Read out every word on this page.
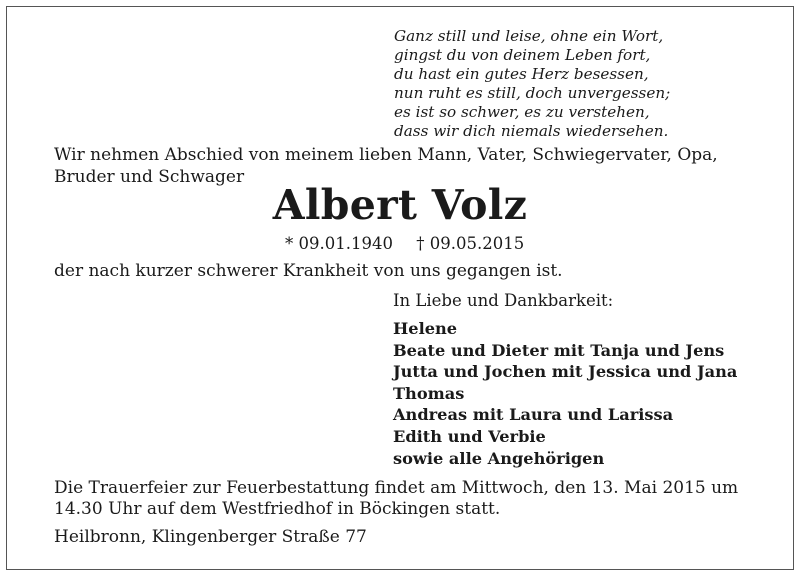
Ganz still und leise, ohne ein Wort,
gingst du von deinem Leben fort,
du hast ein gutes Herz besessen,
nun ruht es still, doch unvergessen;
es ist so schwer, es zu verstehen,
dass wir dich niemals wiedersehen.
Wir nehmen Abschied von meinem lieben Mann, Vater, Schwiegervater, Opa, Bruder und Schwager
Albert Volz
* 09.01.1940 † 09.05.2015
der nach kurzer schwerer Krankheit von uns gegangen ist.
In Liebe und Dankbarkeit:
Helene
Beate und Dieter mit Tanja und Jens
Jutta und Jochen mit Jessica und Jana
Thomas
Andreas mit Laura und Larissa
Edith und Verbie
sowie alle Angehörigen
Die Trauerfeier zur Feuerbestattung findet am Mittwoch, den 13. Mai 2015 um 14.30 Uhr auf dem Westfriedhof in Böckingen statt.
Heilbronn, Klingenberger Straße 77
